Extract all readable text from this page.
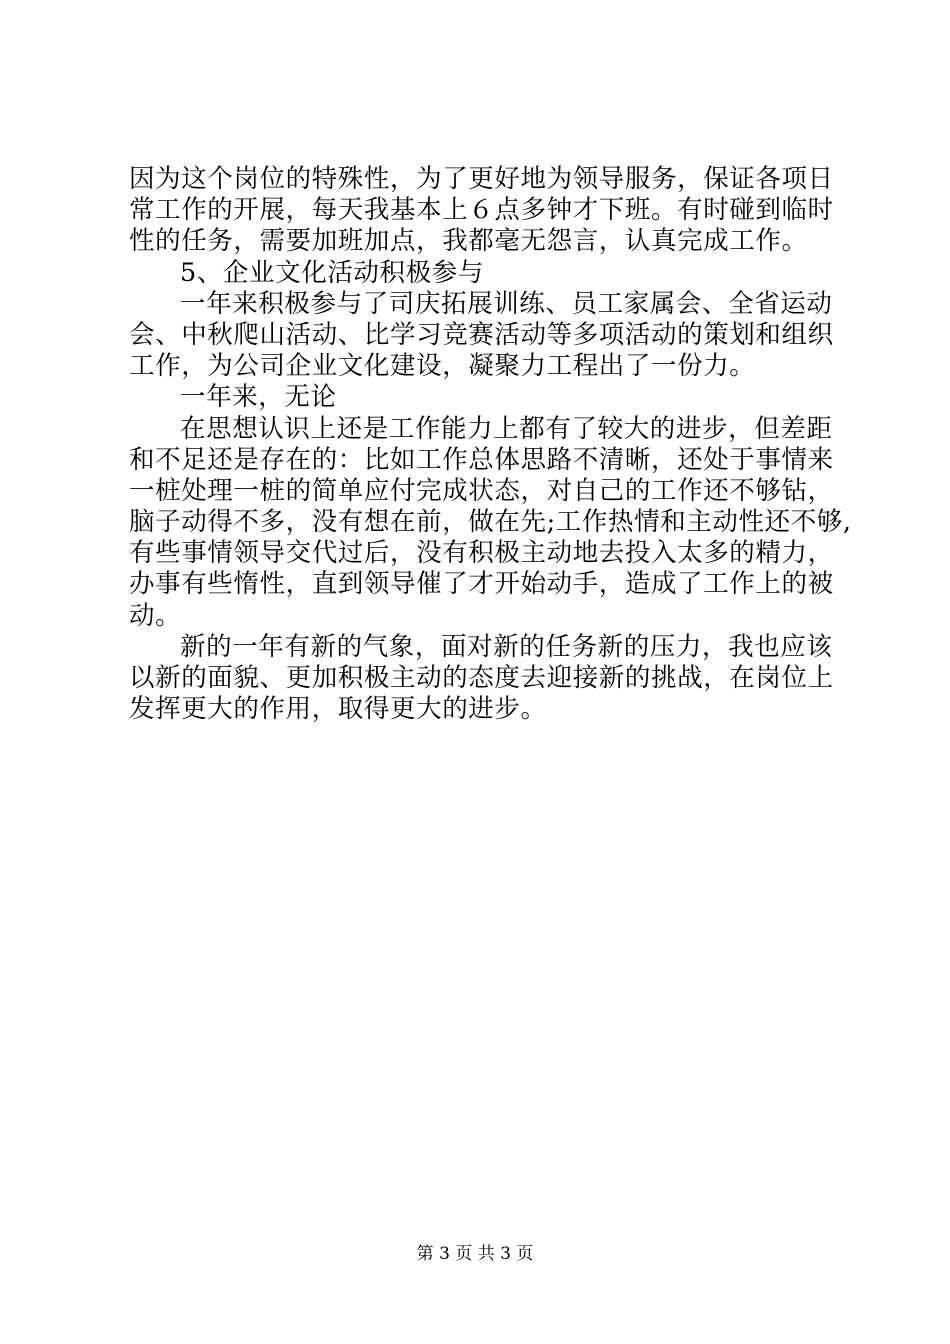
因为这个岗位的特殊性，为了更好地为领导服务，保证各项日
常工作的开展，每天我基本上６点多钟才下班。有时碰到临时
性的任务，需要加班加点，我都毫无怨言，认真完成工作。
5、企业文化活动积极参与
一年来积极参与了司庆拓展训练、员工家属会、全省运动
会、中秋爬山活动、比学习竞赛活动等多项活动的策划和组织
工作，为公司企业文化建设，凝聚力工程出了一份力。
一年来，无论
在思想认识上还是工作能力上都有了较大的进步，但差距
和不足还是存在的：比如工作总体思路不清晰，还处于事情来
一桩处理一桩的简单应付完成状态，对自己的工作还不够钻，
脑子动得不多，没有想在前，做在先;工作热情和主动性还不够,
有些事情领导交代过后，没有积极主动地去投入太多的精力，
办事有些惰性，直到领导催了才开始动手，造成了工作上的被
动。
新的一年有新的气象，面对新的任务新的压力，我也应该
以新的面貌、更加积极主动的态度去迎接新的挑战，在岗位上
发挥更大的作用，取得更大的进步。
第 3 页 共 3 页
